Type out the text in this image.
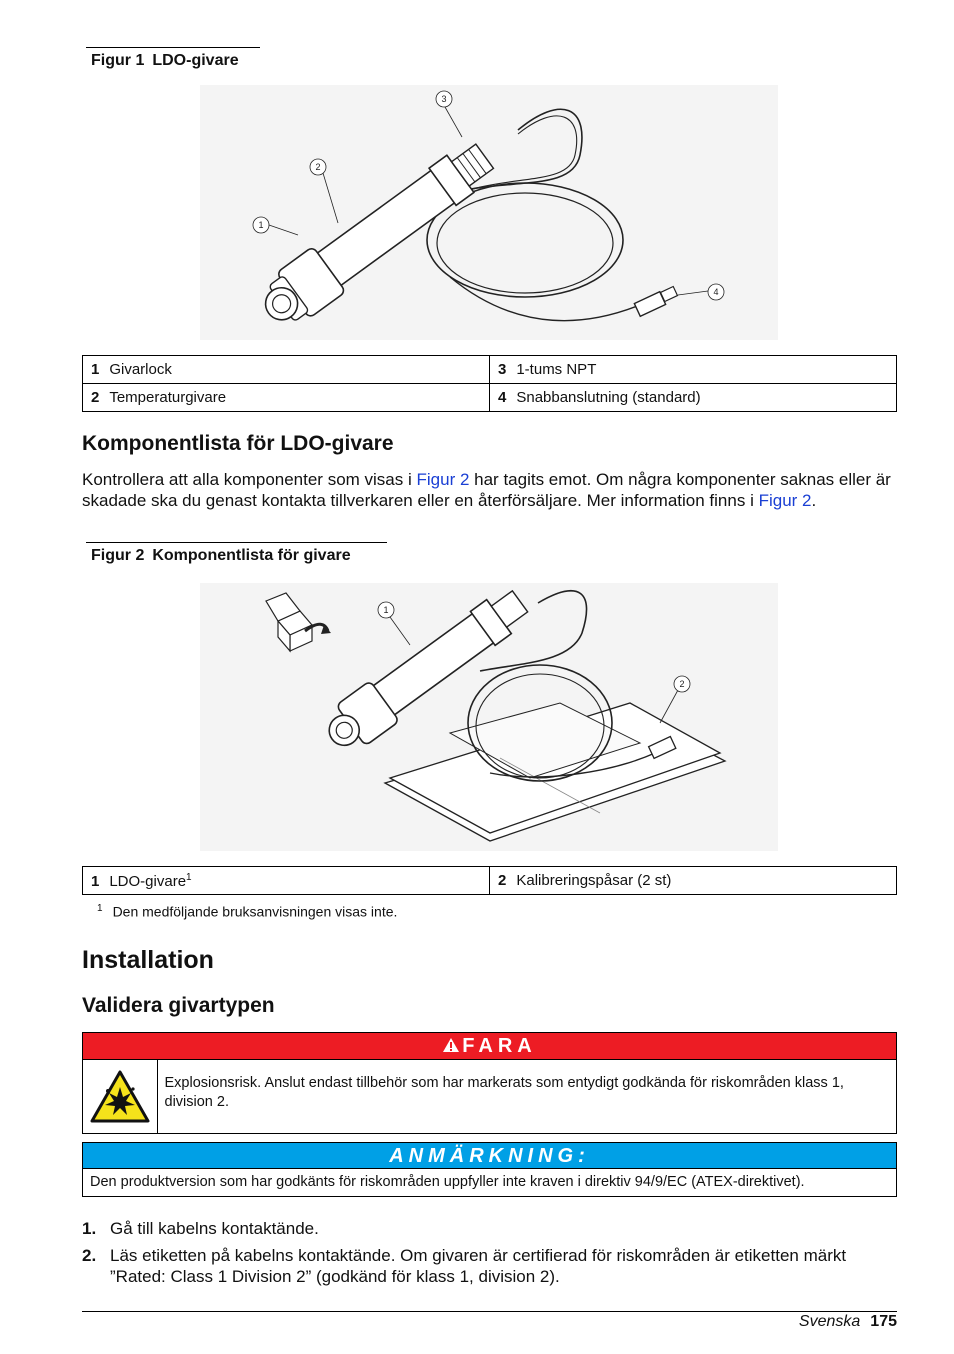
Figur 1 LDO-givare
1
2
3
4
1 Givarlock	3 1-tums NPT
2 Temperaturgivare	4 Snabbanslutning (standard)
Komponentlista för LDO-givare
Kontrollera att alla komponenter som visas i Figur 2 har tagits emot. Om några komponenter saknas eller är skadade ska du genast kontakta tillverkaren eller en återförsäljare. Mer information finns i Figur 2.
Figur 2 Komponentlista för givare
1
2
1 LDO-givare$^1$	2 Kalibreringspåsar (2 st)
$^1$ Den medföljande bruksanvisningen visas inte.
Installation
Validera givartypen
FARA
Explosionsrisk. Anslut endast tillbehör som har markerats som entydigt godkända för riskområden klass 1, division 2.
ANMÄRKNING:
Den produktversion som har godkänts för riskområden uppfyller inte kraven i direktiv 94/9/EC (ATEX-direktivet).
1. Gå till kabelns kontaktände.
2. Läs etiketten på kabelns kontaktände. Om givaren är certifierad för riskområden är etiketten märkt ”Rated: Class 1 Division 2” (godkänd för klass 1, division 2).
Svenska 175
